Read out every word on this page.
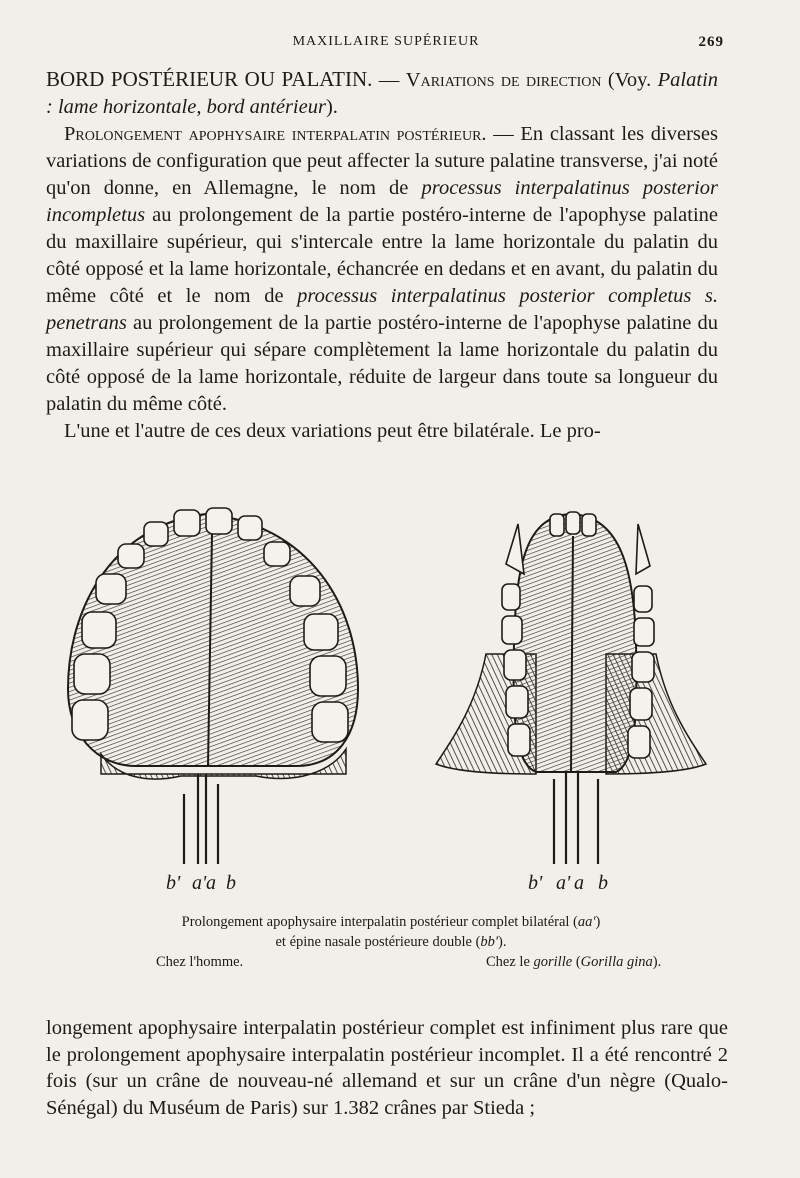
MAXILLAIRE SUPÉRIEUR	269

BORD POSTÉRIEUR OU PALATIN. — Variations de direction (Voy. Palatin : lame horizontale, bord antérieur).

Prolongement apophysaire interpalatin postérieur. — En classant les diverses variations de configuration que peut affecter la suture palatine transverse, j'ai noté qu'on donne, en Allemagne, le nom de processus interpalatinus posterior incompletus au prolongement de la partie postéro-interne de l'apophyse palatine du maxillaire supérieur, qui s'intercale entre la lame horizontale du palatin du côté opposé et la lame horizontale, échancrée en dedans et en avant, du palatin du même côté et le nom de processus interpalatinus posterior completus s. penetrans au prolongement de la partie postéro-interne de l'apophyse palatine du maxillaire supérieur qui sépare complètement la lame horizontale du palatin du côté opposé de la lame horizontale, réduite de largeur dans toute sa longueur du palatin du même côté.

L'une et l'autre de ces deux variations peut être bilatérale. Le pro-

b' a' a b	b' a' a b
Prolongement apophysaire interpalatin postérieur complet bilatéral (aa')
et épine nasale postérieure double (bb').
Chez l'homme.	Chez le gorille (Gorilla gina).

longement apophysaire interpalatin postérieur complet est infiniment plus rare que le prolongement apophysaire interpalatin postérieur incomplet. Il a été rencontré 2 fois (sur un crâne de nouveau-né allemand et sur un crâne d'un nègre (Qualo-Sénégal) du Muséum de Paris) sur 1.382 crânes par Stieda ;
